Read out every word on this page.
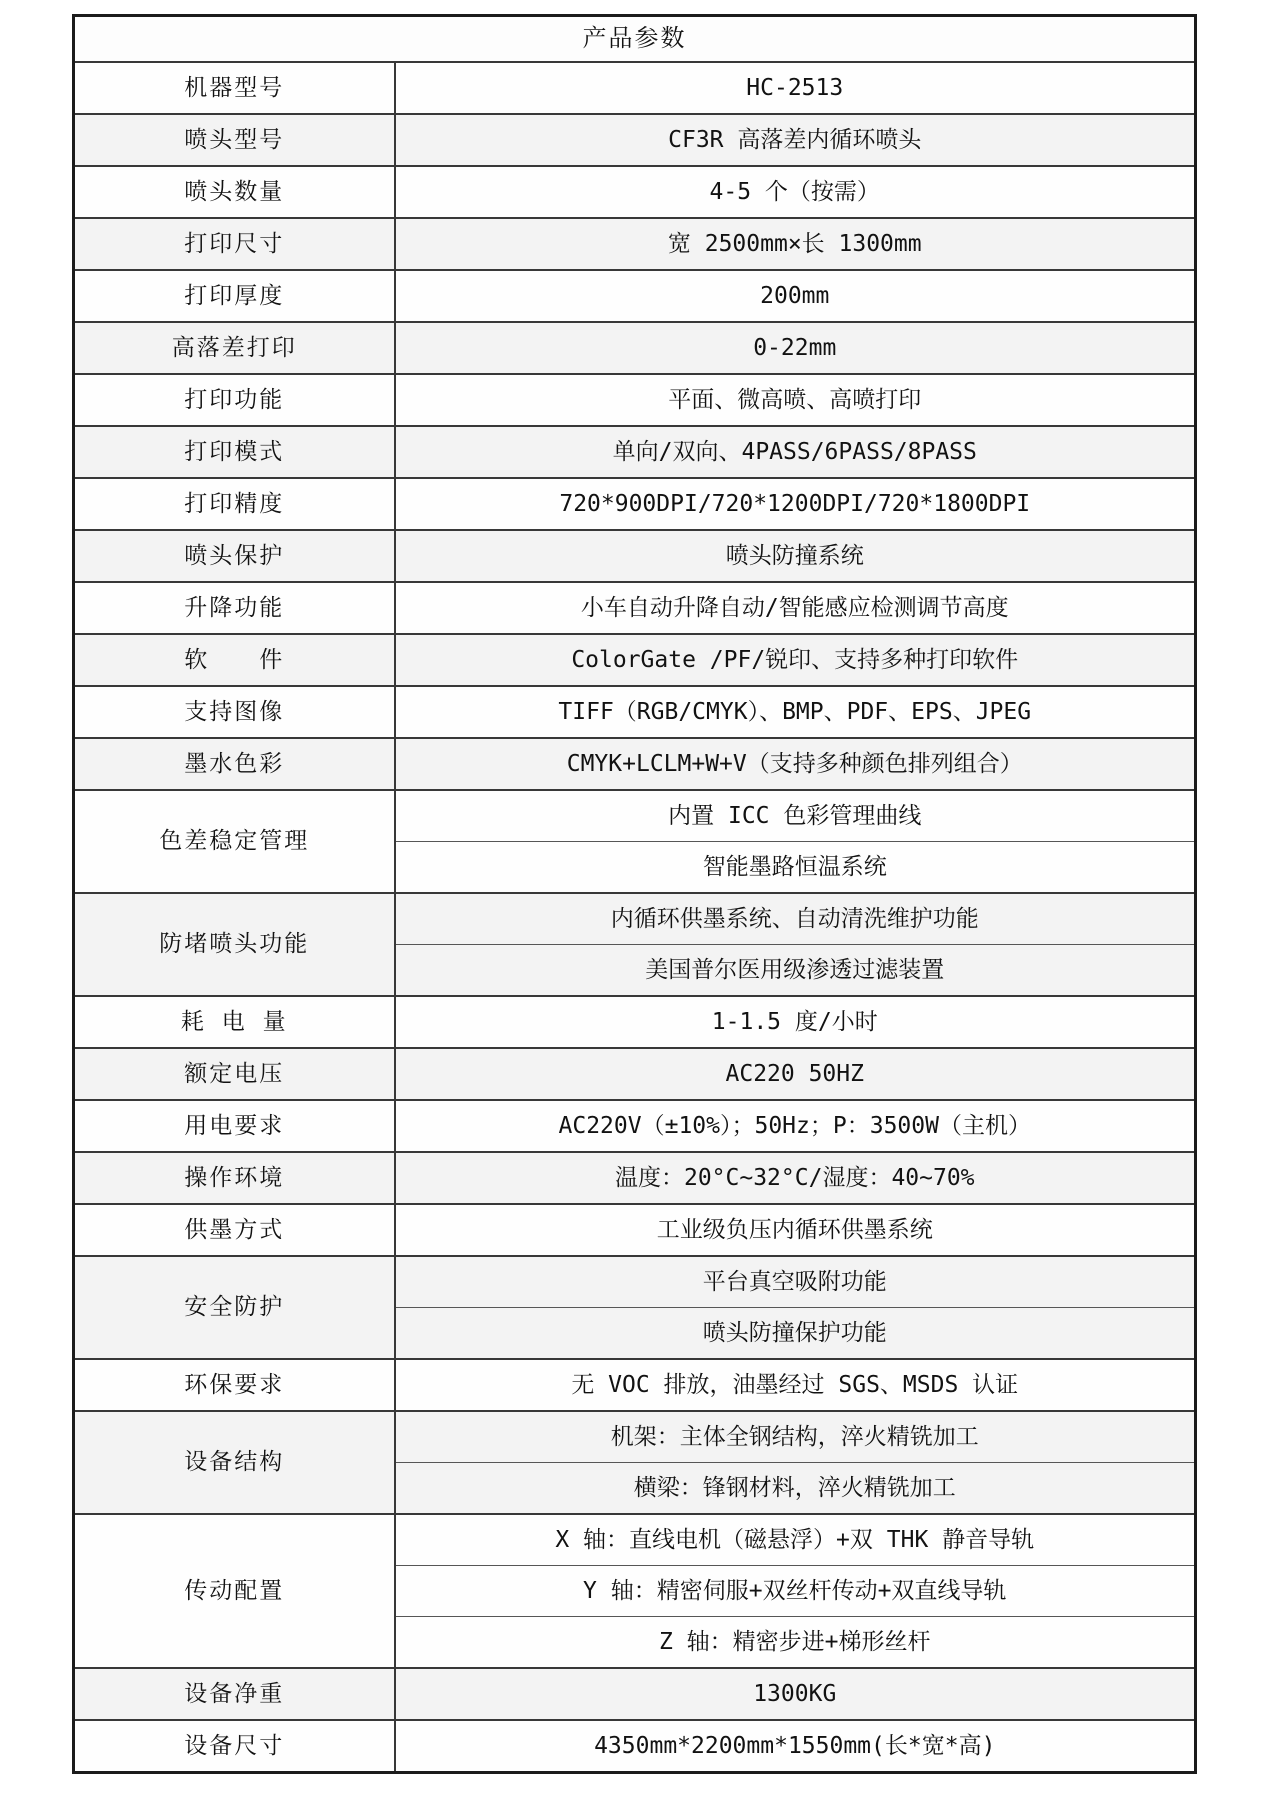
产品参数	
机器型号	HC-2513
喷头型号	CF3R 高落差内循环喷头
喷头数量	4-5 个（按需）
打印尺寸	宽 2500mm×长 1300mm
打印厚度	200mm
高落差打印	0-22mm
打印功能	平面、微高喷、高喷打印
打印模式	单向/双向、4PASS/6PASS/8PASS
打印精度	720*900DPI/720*1200DPI/720*1800DPI
喷头保护	喷头防撞系统
升降功能	小车自动升降自动/智能感应检测调节高度
软　　件	ColorGate /PF/锐印、支持多种打印软件
支持图像	TIFF（RGB/CMYK）、BMP、PDF、EPS、JPEG
墨水色彩	CMYK+LCLM+W+V（支持多种颜色排列组合）
色差稳定管理	内置 ICC 色彩管理曲线
	智能墨路恒温系统
防堵喷头功能	内循环供墨系统、自动清洗维护功能
	美国普尔医用级渗透过滤装置
耗 电 量	1-1.5 度/小时
额定电压	AC220 50HZ
用电要求	AC220V（±10%）；50Hz；P：3500W（主机）
操作环境	温度：20°C~32°C/湿度：40~70%
供墨方式	工业级负压内循环供墨系统
安全防护	平台真空吸附功能
	喷头防撞保护功能
环保要求	无 VOC 排放，油墨经过 SGS、MSDS 认证
设备结构	机架：主体全钢结构，淬火精铣加工
	横梁：锋钢材料，淬火精铣加工
传动配置	X 轴：直线电机（磁悬浮）+双 THK 静音导轨
	Y 轴：精密伺服+双丝杆传动+双直线导轨
	Z 轴：精密步进+梯形丝杆
设备净重	1300KG
设备尺寸	4350mm*2200mm*1550mm(长*宽*高)
